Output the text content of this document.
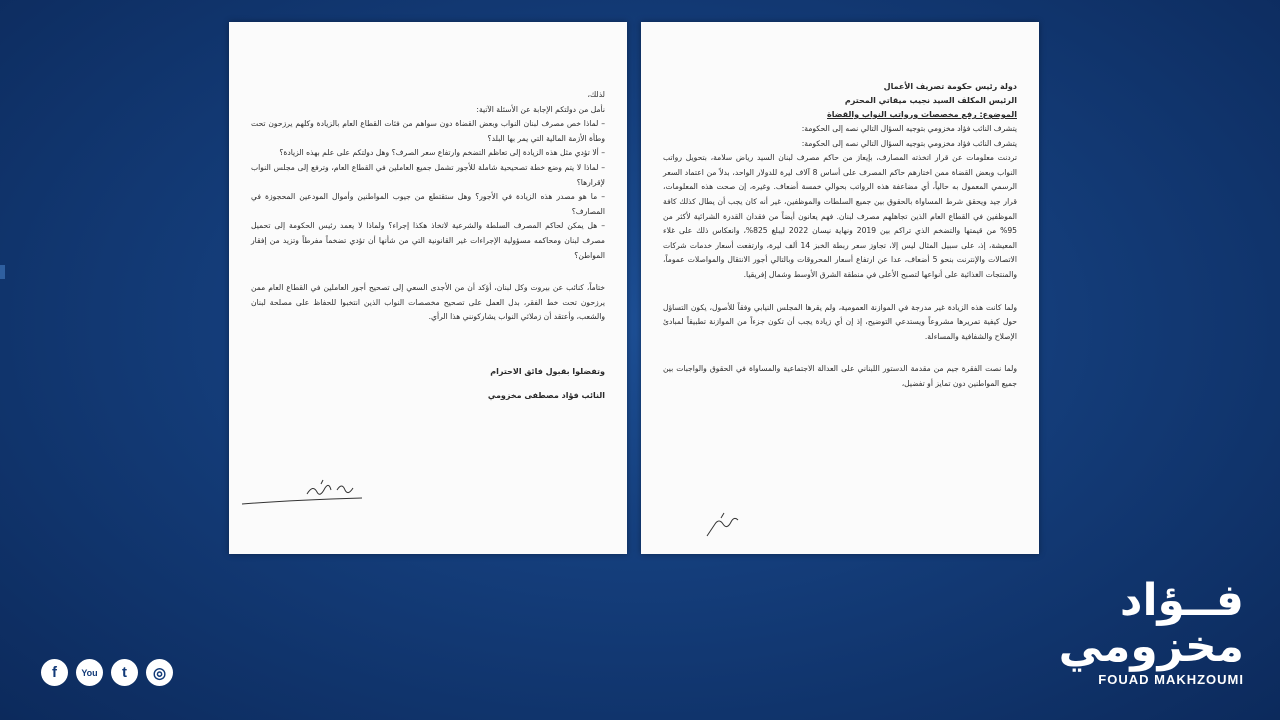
لذلك،

نأمل من دولتكم الإجابة عن الأسئلة الآتية:

– لماذا خص مصرف لبنان النواب وبعض القضاة دون سواهم من فئات القطاع العام بالزيادة وكلهم يرزحون تحت وطأة الأزمة المالية التي يمر بها البلد؟

– ألا تؤدي مثل هذه الزيادة إلى تعاظم التضخم وارتفاع سعر الصرف؟ وهل دولتكم على علم بهذه الزيادة؟

– لماذا لا يتم وضع خطة تصحيحية شاملة للأجور تشمل جميع العاملين في القطاع العام، وترفع إلى مجلس النواب لإقرارها؟

– ما هو مصدر هذه الزيادة في الأجور؟ وهل ستقتطع من جيوب المواطنين وأموال المودعين المحجوزة في المصارف؟

– هل يمكن لحاكم المصرف السلطة والشرعية لاتخاذ هكذا إجراء؟ ولماذا لا يعمد رئيس الحكومة إلى تحميل مصرف لبنان ومحاكمه مسؤولية الإجراءات غير القانونية التي من شأنها أن تؤدي تضخماً مفرطاً وتزيد من إفقار المواطن؟

ختاماً، كنائب عن بيروت وكل لبنان، أؤكد أن من الأجدى السعي إلى تصحيح أجور العاملين في القطاع العام ممن يرزحون تحت خط الفقر، بدل العمل على تصحيح مخصصات النواب الذين انتخبوا للحفاظ على مصلحة لبنان والشعب، وأعتقد أن زملائي النواب يشاركونني هذا الرأي.

وتفضلوا بقبول فائق الاحترام

النائب فؤاد مصطفى مخزومي

دولة رئيس حكومة تصريف الأعمال

الرئيس المكلف السيد نجيب ميقاتي المحترم

الموضوع: رفع مخصصات ورواتب النواب والقضاة

يتشرف النائب فؤاد مخزومي بتوجيه السؤال التالي نصه إلى الحكومة:

يتشرف النائب فؤاد مخزومي بتوجيه السؤال التالي نصه إلى الحكومة:

تردنت معلومات عن قرار اتخذته المصارف، بإيعاز من حاكم مصرف لبنان السيد رياض سلامة، بتحويل رواتب النواب وبعض القضاة ممن اختارهم حاكم المصرف على أساس 8 آلاف ليرة للدولار الواحد، بدلاً من اعتماد السعر الرسمي المعمول به حالياً، أي مضاعفة هذه الرواتب بحوالي خمسة أضعاف. وغيره، إن صحت هذه المعلومات، قرار جيد ويحقق شرط المساواة بالحقوق بين جميع السلطات والموظفين، غير أنه كان يجب أن يطال كذلك كافة الموظفين في القطاع العام الذين تجاهلهم مصرف لبنان. فهم يعانون أيضاً من فقدان القدرة الشرائية لأكثر من 95% من قيمتها والتضخم الذي تراكم بين 2019 ونهاية نيسان 2022 ليبلغ 825%، وانعكاس ذلك على غلاء المعيشة، إذ، على سبيل المثال ليس إلا، تجاوز سعر ربطة الخبز 14 ألف ليرة، وارتفعت أسعار خدمات شركات الاتصالات والإنترنت بنحو 5 أضعاف، عدا عن ارتفاع أسعار المحروقات وبالتالي أجور الانتقال والمواصلات عموماً، والمنتجات الغذائية على أنواعها لتصبح الأعلى في منطقة الشرق الأوسط وشمال إفريقيا.

ولما كانت هذه الزيادة غير مدرجة في الموازنة العمومية، ولم يقرها المجلس النيابي وفقاً للأصول، يكون التساؤل حول كيفية تمريرها مشروعاً ويستدعي التوضيح، إذ إن أي زيادة يجب أن تكون جزءاً من الموازنة تطبيقاً لمبادئ الإصلاح والشفافية والمساءلة.

ولما نصت الفقرة جيم من مقدمة الدستور اللبناني على العدالة الاجتماعية والمساواة في الحقوق والواجبات بين جميع المواطنين دون تمايز أو تفضيل،

f	You t ◎
فــؤاد
مخزومي
FOUAD MAKHZOUMI
